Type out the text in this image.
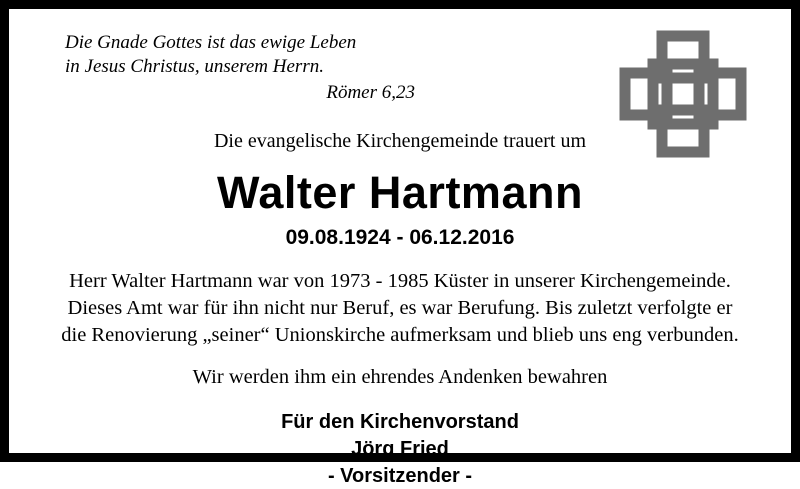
Die Gnade Gottes ist das ewige Leben
in Jesus Christus, unserem Herrn.
Römer 6,23
Die evangelische Kirchengemeinde trauert um
Walter Hartmann
09.08.1924 - 06.12.2016

Herr Walter Hartmann war von 1973 - 1985 Küster in unserer Kirchengemeinde.

Dieses Amt war für ihn nicht nur Beruf, es war Berufung. Bis zuletzt verfolgte er

die Renovierung „seiner“ Unionskirche aufmerksam und blieb uns eng verbunden.

Wir werden ihm ein ehrendes Andenken bewahren
Für den Kirchenvorstand
Jörg Fried
- Vorsitzender -
